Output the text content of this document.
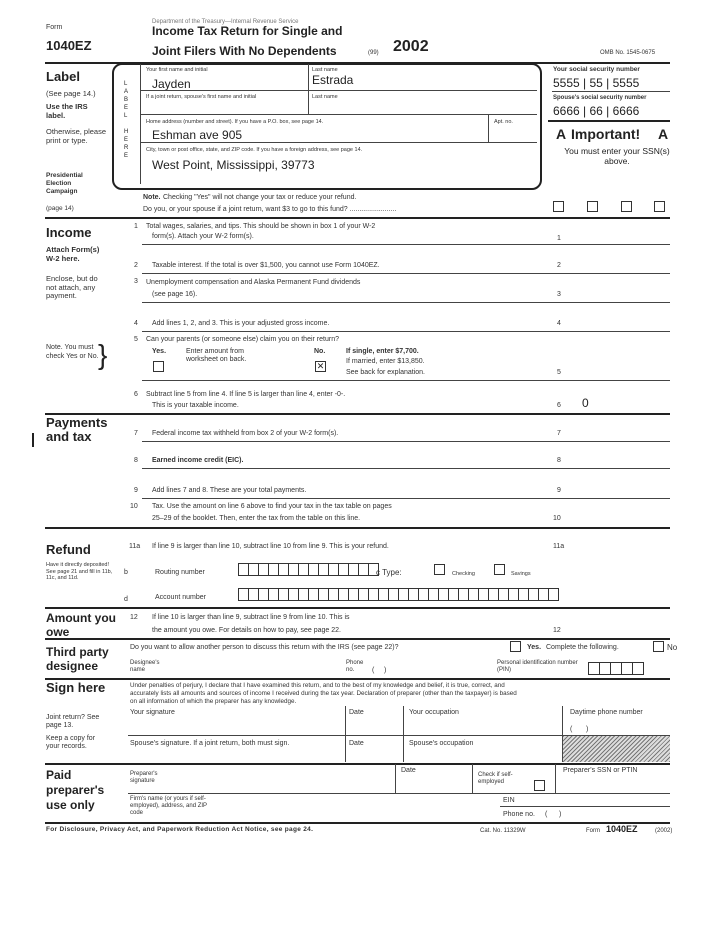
Form
1040EZ
Department of the Treasury—Internal Revenue Service
Income Tax Return for Single and
Joint Filers With No Dependents	(99) 2002	OMB No. 1545-0675
Label
(See page 14.)
Use the IRS label.
Otherwise, please print or type.
L
A
B
E
L
H
E
R
E
Your first name and initial	Last name
Jayden	Estrada
If a joint return, spouse's first name and initial	Last name
Home address (number and street). If you have a P.O. box, see page 14.	Apt. no.
Eshman ave 905
City, town or post office, state, and ZIP code. If you have a foreign address, see page 14.
West Point, Mississippi, 39773
Your social security number
5555 | 55 | 5555
Spouse's social security number
6666 | 66 | 6666
A Important! A
You must enter your SSN(s) above.
Presidential Election Campaign
(page 14)
Note. Checking "Yes" will not change your tax or reduce your refund.
Do you, or your spouse if a joint return, want $3 to go to this fund? ........................
Income
Attach Form(s) W-2 here.
Enclose, but do not attach, any payment.
Note. You must check Yes or No. }
1 Total wages, salaries, and tips. This should be shown in box 1 of your W-2
form(s). Attach your W-2 form(s).	1
2 Taxable interest. If the total is over $1,500, you cannot use Form 1040EZ.	2
3 Unemployment compensation and Alaska Permanent Fund dividends
(see page 16).	3
4 Add lines 1, 2, and 3. This is your adjusted gross income.	4
5 Can your parents (or someone else) claim you on their return?
Yes.	Enter amount from worksheet on back.
No.
✕
If single, enter $7,700.
If married, enter $13,850.
See back for explanation.	5
6 Subtract line 5 from line 4. If line 5 is larger than line 4, enter -0-.
This is your taxable income.	6 0
Payments and tax	7 Federal income tax withheld from box 2 of your W-2 form(s).	7
8 Earned income credit (EIC).	8
9 Add lines 7 and 8. These are your total payments.	9
10 Tax. Use the amount on line 6 above to find your tax in the tax table on pages
25–29 of the booklet. Then, enter the tax from the table on this line.	10
Refund
Have it directly deposited! See page 21 and fill in 11b, 11c, and 11d.
11a If line 9 is larger than line 10, subtract line 10 from line 9. This is your refund.	11a
b	Routing number	c Type:	Checking	Savings
d	Account number
Amount you owe
12 If line 10 is larger than line 9, subtract line 9 from line 10. This is
the amount you owe. For details on how to pay, see page 22.	12
Third party designee
Do you want to allow another person to discuss this return with the IRS (see page 22)?	Yes. Complete the following.	No
Designee's name
Phone no.	(     )
Personal identification number (PIN)
Sign here
Joint return? See page 13.
Keep a copy for your records.
Under penalties of perjury, I declare that I have examined this return, and to the best of my knowledge and belief, it is true, correct, and
accurately lists all amounts and sources of income I received during the tax year. Declaration of preparer (other than the taxpayer) is based
on all information of which the preparer has any knowledge.
Your signature	Date	Your occupation	Daytime phone number
(       )
Spouse's signature. If a joint return, both must sign.	Date	Spouse's occupation
Paid preparer's use only
Preparer's signature
Date
Check if self-employed
Preparer's SSN or PTIN
Firm's name (or yours if self-employed), address, and ZIP code
EIN
Phone no. (      )
For Disclosure, Privacy Act, and Paperwork Reduction Act Notice, see page 24.	Cat. No. 11329W	Form 1040EZ	(2002)
